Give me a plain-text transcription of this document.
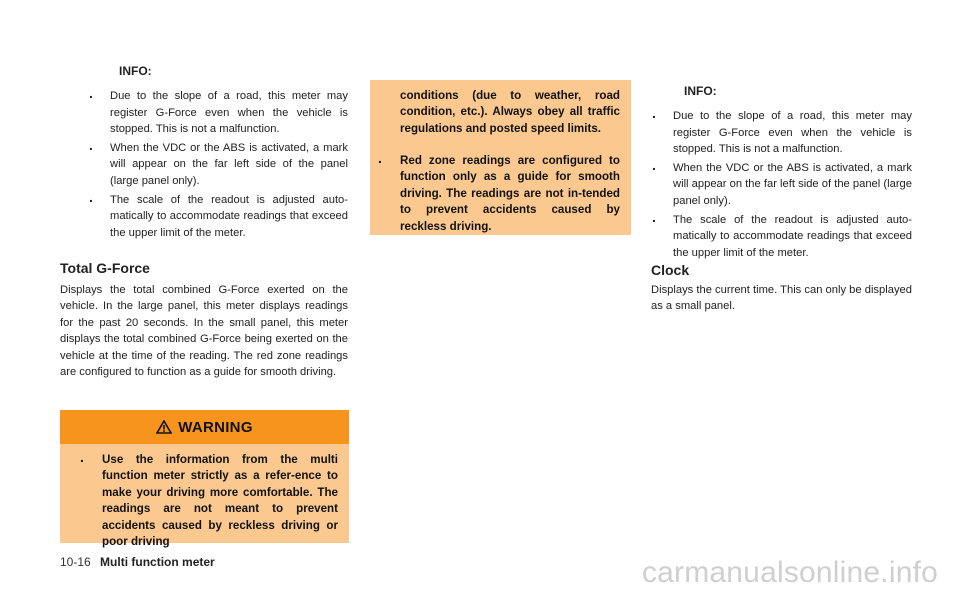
INFO:
. Due to the slope of a road, this meter may register G-Force even when the vehicle is stopped. This is not a malfunction.
. When the VDC or the ABS is activated, a mark will appear on the far left side of the panel (large panel only).
. The scale of the readout is adjusted auto-matically to accommodate readings that exceed the upper limit of the meter.
Total G-Force

Displays the total combined G-Force exerted on the vehicle. In the large panel, this meter displays readings for the past 20 seconds. In the small panel, this meter displays the total combined G-Force being exerted on the vehicle at the time of the reading. The red zone readings are configured to function as a guide for smooth driving.

WARNING
. Use the information from the multi function meter strictly as a refer-ence to make your driving more comfortable. The readings are not meant to prevent accidents caused by reckless driving or poor driving

conditions (due to weather, road condition, etc.). Always obey all traffic regulations and posted speed limits.

. Red zone readings are configured to function only as a guide for smooth driving. The readings are not in-tended to prevent accidents caused by reckless driving.
INFO:
. Due to the slope of a road, this meter may register G-Force even when the vehicle is stopped. This is not a malfunction.
. When the VDC or the ABS is activated, a mark will appear on the far left side of the panel (large panel only).
. The scale of the readout is adjusted auto-matically to accommodate readings that exceed the upper limit of the meter.
Clock

Displays the current time. This can only be displayed as a small panel.

10-16 Multi function meter	carmanualsonline.info
